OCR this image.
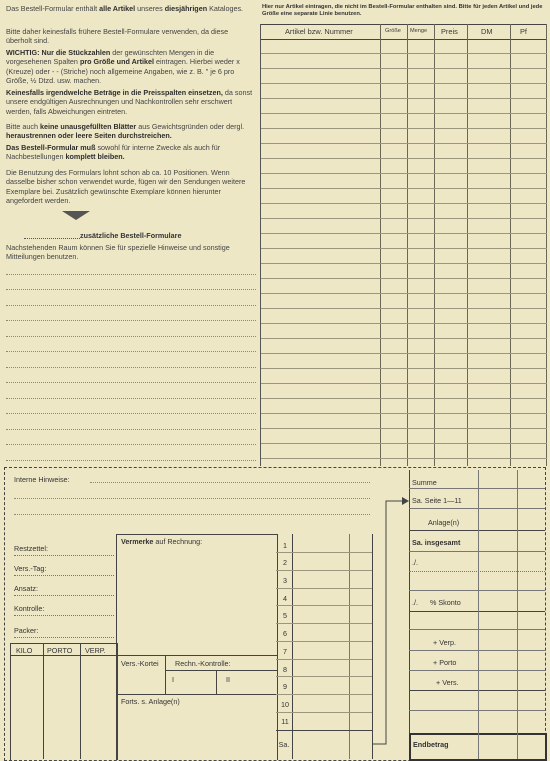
Das Bestell-Formular enthält alle Artikel unseres diesjährigen Kataloges.
Bitte daher keinesfalls frühere Bestell-Formulare verwenden, da diese überholt sind.
WICHTIG: Nur die Stückzahlen der gewünschten Mengen in die vorgesehenen Spalten pro Größe und Artikel eintragen. Hierbei weder x (Kreuze) oder - - (Striche) noch allgemeine Angaben, wie z. B. " je 6 pro Größe, ½ Dtzd. usw. machen.
Keinesfalls irgendwelche Beträge in die Preisspalten einsetzen, da sonst unsere endgültigen Ausrechnungen und Nachkontrollen sehr erschwert werden, falls Abweichungen eintreten.
Bitte auch keine unausgefüllten Blätter aus Gewichtsgründen oder dergl. heraustrennen oder leere Seiten durchstreichen.
Das Bestell-Formular muß sowohl für interne Zwecke als auch für Nachbestellungen komplett bleiben.
Die Benutzung des Formulars lohnt schon ab ca. 10 Positionen. Wenn dasselbe bisher schon verwendet wurde, fügen wir den Sendungen weitere Exemplare bei. Zusätzlich gewünschte Exemplare können hierunter angefordert werden.
zusätzliche Bestell-Formulare
Nachstehenden Raum können Sie für spezielle Hinweise und sonstige Mitteilungen benutzen.
Hier nur Artikel eintragen, die nicht im Bestell-Formular enthalten sind. Bitte für jeden Artikel und jede Größe eine separate Linie benutzen.
Artikel bzw. Nummer	Größe Menge Preis	DM	Pf
Interne Hinweise:
Restzettel:
Vers.-Tag:
Ansatz:
Kontrolle:
Packer:
KILO PORTO VERP.
Vermerke auf Rechnung:
Vers.-Kortei Rechn.-Kontrolle:
I	II
Forts. s. Anlage(n)
1
2
3
4
5
6
7
8
9
10
11
Sa.
Summe
Sa. Seite 1—11
Anlage(n)
Sa. insgesamt
./.
./. % Skonto
+ Verp.
+ Porto
+ Vers.
Endbetrag
